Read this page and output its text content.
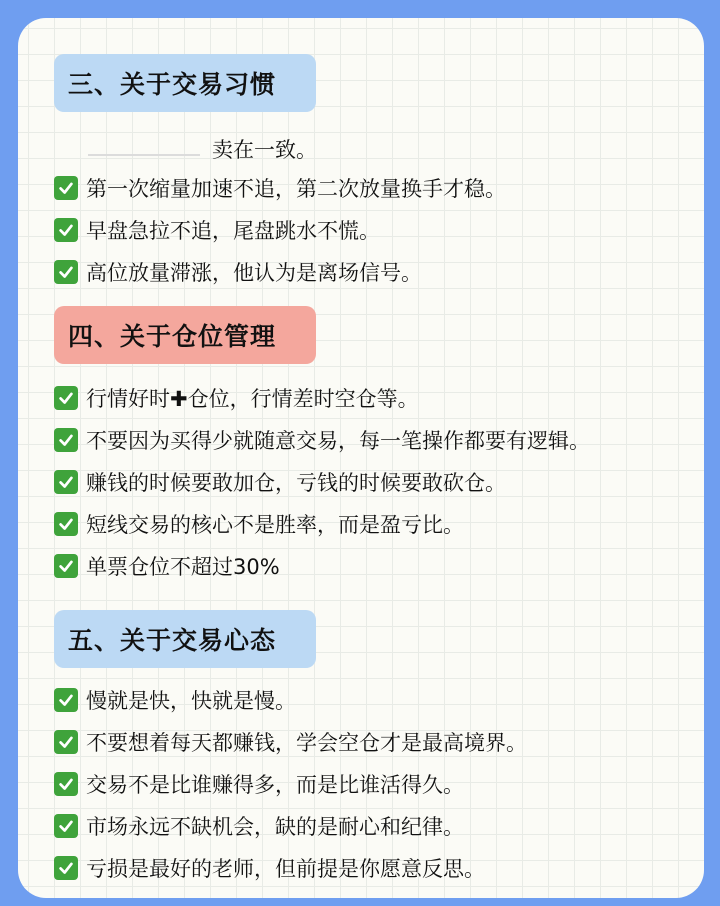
三、关于交易习惯
卖在一致。
第一次缩量加速不追，第二次放量换手才稳。
早盘急拉不追，尾盘跳水不慌。
高位放量滞涨，他认为是离场信号。
四、关于仓位管理
行情好时✚仓位，行情差时空仓等。
不要因为买得少就随意交易，每一笔操作都要有逻辑。
赚钱的时候要敢加仓，亏钱的时候要敢砍仓。
短线交易的核心不是胜率，而是盈亏比。
单票仓位不超过30%
五、关于交易心态
慢就是快，快就是慢。
不要想着每天都赚钱，学会空仓才是最高境界。
交易不是比谁赚得多，而是比谁活得久。
市场永远不缺机会，缺的是耐心和纪律。
亏损是最好的老师，但前提是你愿意反思。
